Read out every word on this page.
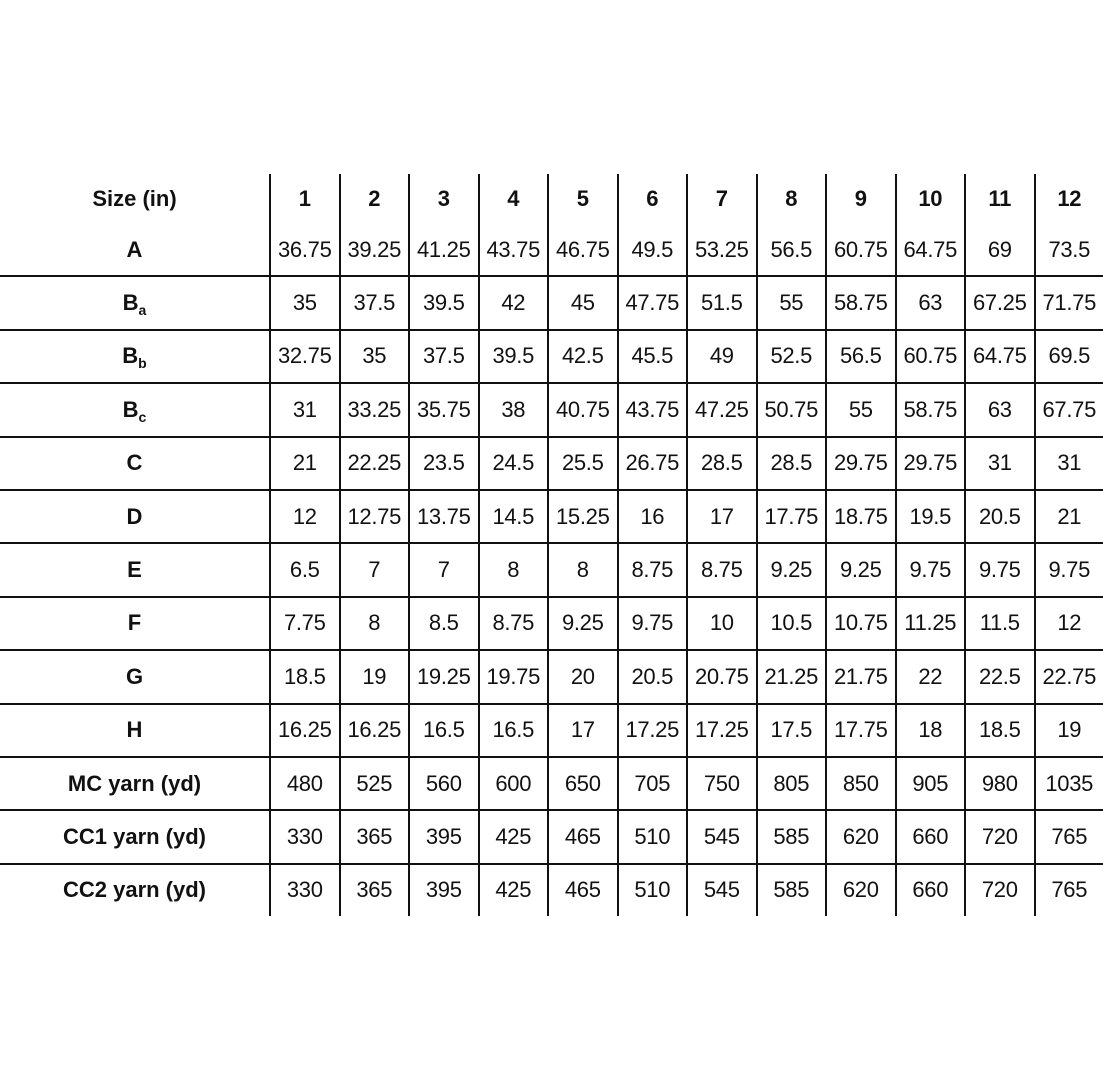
Size (in)	1	2	3	4	5	6	7	8	9	10	11	12
A	36.75	39.25	41.25	43.75	46.75	49.5	53.25	56.5	60.75	64.75	69	73.5
$B_a$	35	37.5	39.5	42	45	47.75	51.5	55	58.75	63	67.25	71.75
$B_b$	32.75	35	37.5	39.5	42.5	45.5	49	52.5	56.5	60.75	64.75	69.5
$B_c$	31	33.25	35.75	38	40.75	43.75	47.25	50.75	55	58.75	63	67.75
C	21	22.25	23.5	24.5	25.5	26.75	28.5	28.5	29.75	29.75	31	31
D	12	12.75	13.75	14.5	15.25	16	17	17.75	18.75	19.5	20.5	21
E	6.5	7	7	8	8	8.75	8.75	9.25	9.25	9.75	9.75	9.75
F	7.75	8	8.5	8.75	9.25	9.75	10	10.5	10.75	11.25	11.5	12
G	18.5	19	19.25	19.75	20	20.5	20.75	21.25	21.75	22	22.5	22.75
H	16.25	16.25	16.5	16.5	17	17.25	17.25	17.5	17.75	18	18.5	19
MC yarn (yd)	480	525	560	600	650	705	750	805	850	905	980	1035
CC1 yarn (yd)	330	365	395	425	465	510	545	585	620	660	720	765
CC2 yarn (yd)	330	365	395	425	465	510	545	585	620	660	720	765
